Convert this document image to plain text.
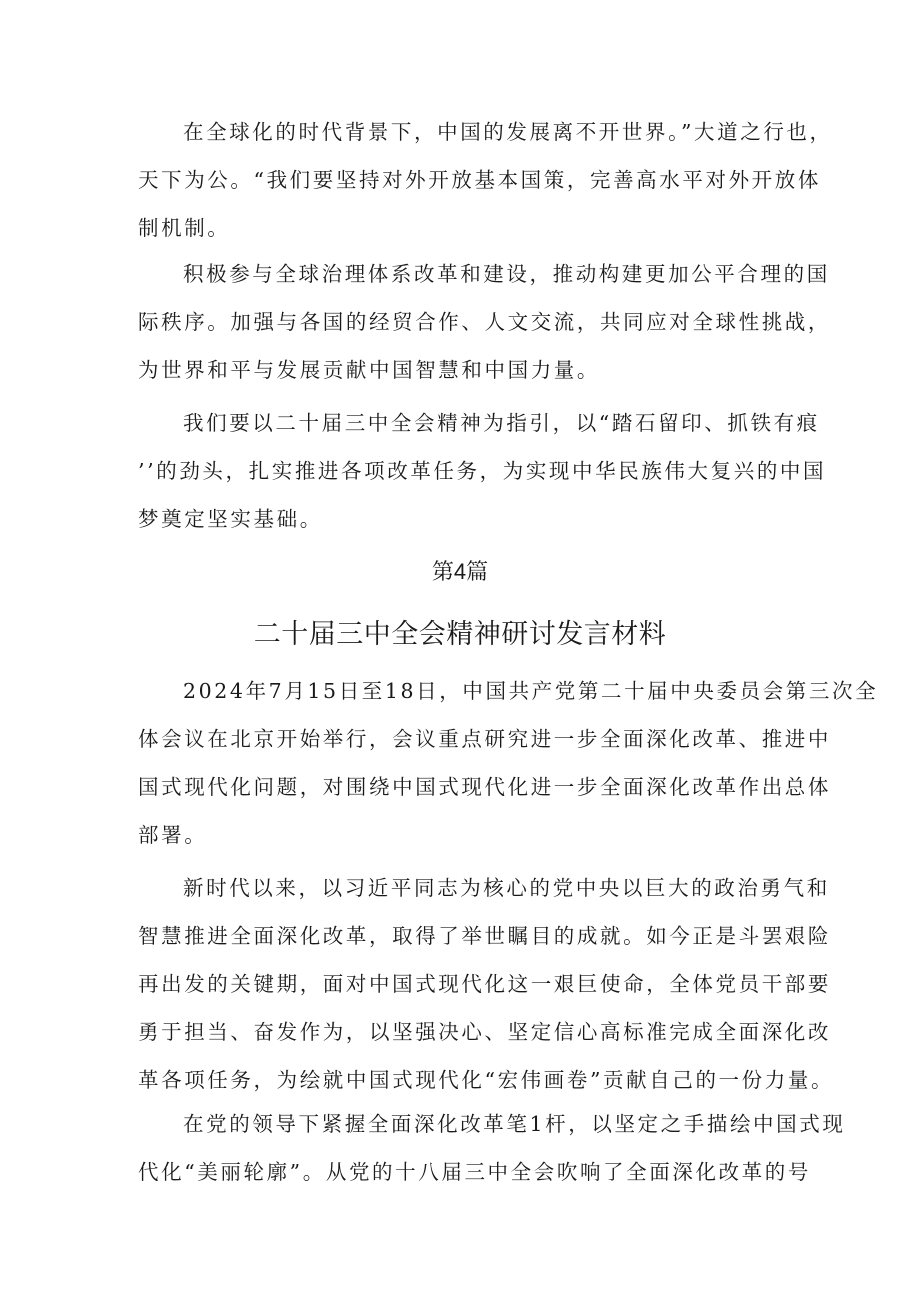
在全球化的时代背景下，中国的发展离不开世界。”大道之行也，
天下为公。“我们要坚持对外开放基本国策，完善高水平对外开放体
制机制。
积极参与全球治理体系改革和建设，推动构建更加公平合理的国
际秩序。加强与各国的经贸合作、人文交流，共同应对全球性挑战，
为世界和平与发展贡献中国智慧和中国力量。
我们要以二十届三中全会精神为指引，以“踏石留印、抓铁有痕
’’的劲头，扎实推进各项改革任务，为实现中华民族伟大复兴的中国
梦奠定坚实基础。
第4篇
二十届三中全会精神研讨发言材料
2024年7月15日至18日，中国共产党第二十届中央委员会第三次全
体会议在北京开始举行，会议重点研究进一步全面深化改革、推进中
国式现代化问题，对围绕中国式现代化进一步全面深化改革作出总体
部署。
新时代以来，以习近平同志为核心的党中央以巨大的政治勇气和
智慧推进全面深化改革，取得了举世瞩目的成就。如今正是斗罢艰险
再出发的关键期，面对中国式现代化这一艰巨使命，全体党员干部要
勇于担当、奋发作为，以坚强决心、坚定信心高标准完成全面深化改
革各项任务，为绘就中国式现代化“宏伟画卷”贡献自己的一份力量。
在党的领导下紧握全面深化改革笔1杆，以坚定之手描绘中国式现
代化“美丽轮廓”。从党的十八届三中全会吹响了全面深化改革的号
